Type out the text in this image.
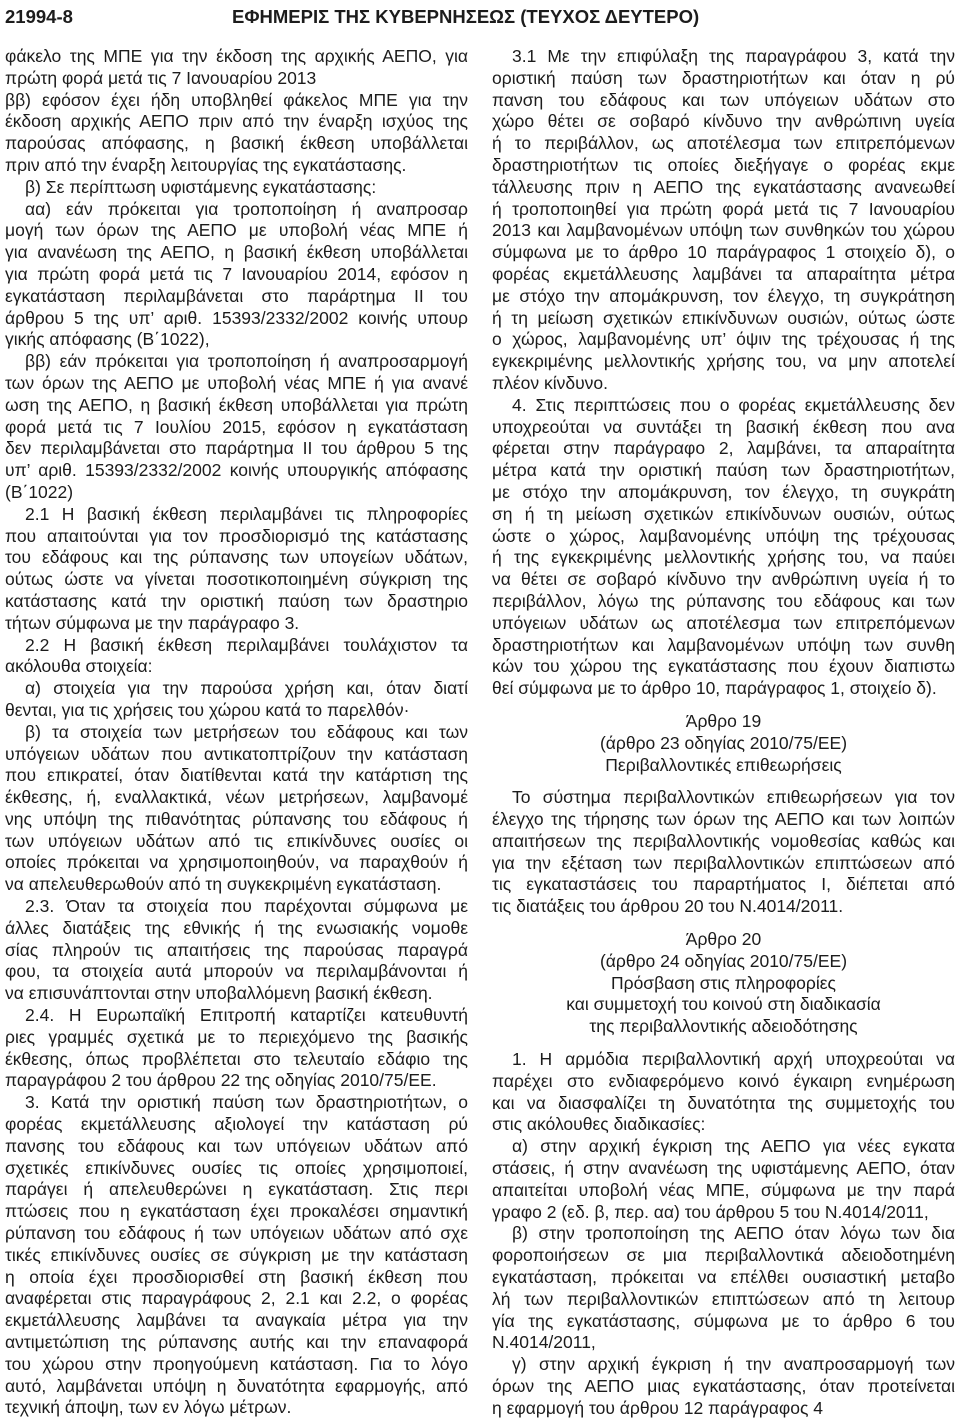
21994-8	ΕΦΗΜΕΡΙΣ ΤΗΣ ΚΥΒΕΡΝΗΣΕΩΣ (ΤΕΥΧΟΣ ΔΕΥΤΕΡΟ)
φάκελο της ΜΠΕ για την έκδοση της αρχικής ΑΕΠΟ, για
πρώτη φορά μετά τις 7 Ιανουαρίου 2013
ββ) εφόσον έχει ήδη υποβληθεί φάκελος ΜΠΕ για την
έκδοση αρχικής ΑΕΠΟ πριν από την έναρξη ισχύος της
παρούσας απόφασης, η βασική έκθεση υποβάλλεται
πριν από την έναρξη λειτουργίας της εγκατάστασης.
β) Σε περίπτωση υφιστάμενης εγκατάστασης:
αα) εάν πρόκειται για τροποποίηση ή αναπροσαρ
μογή των όρων της ΑΕΠΟ με υποβολή νέας ΜΠΕ ή
για ανανέωση της ΑΕΠΟ, η βασική έκθεση υποβάλλεται
για πρώτη φορά μετά τις 7 Ιανουαρίου 2014, εφόσον η
εγκατάσταση περιλαμβάνεται στο παράρτημα ΙΙ του
άρθρου 5 της υπ’ αριθ. 15393/2332/2002 κοινής υπουρ
γικής απόφασης (Β΄1022),
ββ) εάν πρόκειται για τροποποίηση ή αναπροσαρμογή
των όρων της ΑΕΠΟ με υποβολή νέας ΜΠΕ ή για ανανέ
ωση της ΑΕΠΟ, η βασική έκθεση υποβάλλεται για πρώτη
φορά μετά τις 7 Ιουλίου 2015, εφόσον η εγκατάσταση
δεν περιλαμβάνεται στο παράρτημα ΙΙ του άρθρου 5 της
υπ’ αριθ. 15393/2332/2002 κοινής υπουργικής απόφασης
(Β΄1022)
2.1 Η βασική έκθεση περιλαμβάνει τις πληροφορίες
που απαιτούνται για τον προσδιορισμό της κατάστασης
του εδάφους και της ρύπανσης των υπογείων υδάτων,
ούτως ώστε να γίνεται ποσοτικοποιημένη σύγκριση της
κατάστασης κατά την οριστική παύση των δραστηριο
τήτων σύμφωνα με την παράγραφο 3.
2.2 Η βασική έκθεση περιλαμβάνει τουλάχιστον τα
ακόλουθα στοιχεία:
α) στοιχεία για την παρούσα χρήση και, όταν διατί
θενται, για τις χρήσεις του χώρου κατά το παρελθόν·
β) τα στοιχεία των μετρήσεων του εδάφους και των
υπόγειων υδάτων που αντικατοπτρίζουν την κατάσταση
που επικρατεί, όταν διατίθενται κατά την κατάρτιση της
έκθεσης, ή, εναλλακτικά, νέων μετρήσεων, λαμβανομέ
νης υπόψη της πιθανότητας ρύπανσης του εδάφους ή
των υπόγειων υδάτων από τις επικίνδυνες ουσίες οι
οποίες πρόκειται να χρησιμοποιηθούν, να παραχθούν ή
να απελευθερωθούν από τη συγκεκριμένη εγκατάσταση.
2.3. Όταν τα στοιχεία που παρέχονται σύμφωνα με
άλλες διατάξεις της εθνικής ή της ενωσιακής νομοθε
σίας πληρούν τις απαιτήσεις της παρούσας παραγρά
φου, τα στοιχεία αυτά μπορούν να περιλαμβάνονται ή
να επισυνάπτονται στην υποβαλλόμενη βασική έκθεση.
2.4. Η Ευρωπαϊκή Επιτροπή καταρτίζει κατευθυντή
ριες γραμμές σχετικά με το περιεχόμενο της βασικής
έκθεσης, όπως προβλέπεται στο τελευταίο εδάφιο της
παραγράφου 2 του άρθρου 22 της οδηγίας 2010/75/ΕΕ.
3. Κατά την οριστική παύση των δραστηριοτήτων, ο
φορέας εκμετάλλευσης αξιολογεί την κατάσταση ρύ
πανσης του εδάφους και των υπόγειων υδάτων από
σχετικές επικίνδυνες ουσίες τις οποίες χρησιμοποιεί,
παράγει ή απελευθερώνει η εγκατάσταση. Στις περι
πτώσεις που η εγκατάσταση έχει προκαλέσει σημαντική
ρύπανση του εδάφους ή των υπόγειων υδάτων από σχε
τικές επικίνδυνες ουσίες σε σύγκριση με την κατάσταση
η οποία έχει προσδιορισθεί στη βασική έκθεση που
αναφέρεται στις παραγράφους 2, 2.1 και 2.2, ο φορέας
εκμετάλλευσης λαμβάνει τα αναγκαία μέτρα για την
αντιμετώπιση της ρύπανσης αυτής και την επαναφορά
του χώρου στην προηγούμενη κατάσταση. Για το λόγο
αυτό, λαμβάνεται υπόψη η δυνατότητα εφαρμογής, από
τεχνική άποψη, των εν λόγω μέτρων.
3.1 Με την επιφύλαξη της παραγράφου 3, κατά την
οριστική παύση των δραστηριοτήτων και όταν η ρύ
πανση του εδάφους και των υπόγειων υδάτων στο
χώρο θέτει σε σοβαρό κίνδυνο την ανθρώπινη υγεία
ή το περιβάλλον, ως αποτέλεσμα των επιτρεπόμενων
δραστηριοτήτων τις οποίες διεξήγαγε ο φορέας εκμε
τάλλευσης πριν η ΑΕΠΟ της εγκατάστασης ανανεωθεί
ή τροποποιηθεί για πρώτη φορά μετά τις 7 Ιανουαρίου
2013 και λαμβανομένων υπόψη των συνθηκών του χώρου
σύμφωνα με το άρθρο 10 παράγραφος 1 στοιχείο δ), ο
φορέας εκμετάλλευσης λαμβάνει τα απαραίτητα μέτρα
με στόχο την απομάκρυνση, τον έλεγχο, τη συγκράτηση
ή τη μείωση σχετικών επικίνδυνων ουσιών, ούτως ώστε
ο χώρος, λαμβανομένης υπ’ όψιν της τρέχουσας ή της
εγκεκριμένης μελλοντικής χρήσης του, να μην αποτελεί
πλέον κίνδυνο.
4. Στις περιπτώσεις που ο φορέας εκμετάλλευσης δεν
υποχρεούται να συντάξει τη βασική έκθεση που ανα
φέρεται στην παράγραφο 2, λαμβάνει, τα απαραίτητα
μέτρα κατά την οριστική παύση των δραστηριοτήτων,
με στόχο την απομάκρυνση, τον έλεγχο, τη συγκράτη
ση ή τη μείωση σχετικών επικίνδυνων ουσιών, ούτως
ώστε ο χώρος, λαμβανομένης υπόψη της τρέχουσας
ή της εγκεκριμένης μελλοντικής χρήσης του, να παύει
να θέτει σε σοβαρό κίνδυνο την ανθρώπινη υγεία ή το
περιβάλλον, λόγω της ρύπανσης του εδάφους και των
υπόγειων υδάτων ως αποτέλεσμα των επιτρεπόμενων
δραστηριοτήτων και λαμβανομένων υπόψη των συνθη
κών του χώρου της εγκατάστασης που έχουν διαπιστω
θεί σύμφωνα με το άρθρο 10, παράγραφος 1, στοιχείο δ).
Άρθρο 19
(άρθρο 23 οδηγίας 2010/75/ΕΕ)
Περιβαλλοντικές επιθεωρήσεις
Το σύστημα περιβαλλοντικών επιθεωρήσεων για τον
έλεγχο της τήρησης των όρων της ΑΕΠΟ και των λοιπών
απαιτήσεων της περιβαλλοντικής νομοθεσίας καθώς και
για την εξέταση των περιβαλλοντικών επιπτώσεων από
τις εγκαταστάσεις του παραρτήματος Ι, διέπεται από
τις διατάξεις του άρθρου 20 του Ν.4014/2011.
Άρθρο 20
(άρθρο 24 οδηγίας 2010/75/ΕΕ)
Πρόσβαση στις πληροφορίες
και συμμετοχή του κοινού στη διαδικασία
της περιβαλλοντικής αδειοδότησης
1. Η αρμόδια περιβαλλοντική αρχή υποχρεούται να
παρέχει στο ενδιαφερόμενο κοινό έγκαιρη ενημέρωση
και να διασφαλίζει τη δυνατότητα της συμμετοχής του
στις ακόλουθες διαδικασίες:
α) στην αρχική έγκριση της ΑΕΠΟ για νέες εγκατα
στάσεις, ή στην ανανέωση της υφιστάμενης ΑΕΠΟ, όταν
απαιτείται υποβολή νέας ΜΠΕ, σύμφωνα με την παρά
γραφο 2 (εδ. β, περ. αα) του άρθρου 5 του Ν.4014/2011,
β) στην τροποποίηση της ΑΕΠΟ όταν λόγω των δια
φοροποιήσεων σε μια περιβαλλοντικά αδειοδοτημένη
εγκατάσταση, πρόκειται να επέλθει ουσιαστική μεταβο
λή των περιβαλλοντικών επιπτώσεων από τη λειτουρ
γία της εγκατάστασης, σύμφωνα με το άρθρο 6 του
Ν.4014/2011,
γ) στην αρχική έγκριση ή την αναπροσαρμογή των
όρων της ΑΕΠΟ μιας εγκατάστασης, όταν προτείνεται
η εφαρμογή του άρθρου 12 παράγραφος 4
